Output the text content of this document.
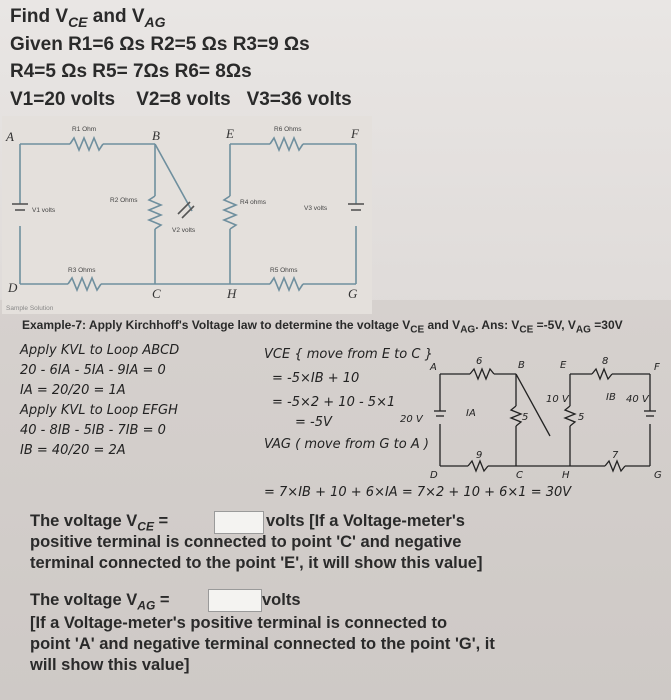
Find $V_{CE}$ and $V_{AG}$
Given R1=6 Ωs R2=5 Ωs R3=9 Ωs
R4=5 Ωs R5= 7Ωs R6= 8Ωs
V1=20 volts    V2=8 volts   V3=36 volts
A	B	E	F
D	C	H	G
R1 Ohm
R2 Ohms
R3 Ohms
R4 ohms
R5 Ohms
R6 Ohms
V1 volts
V2 volts
V3 volts
Sample Solution
Example-7: Apply Kirchhoff's Voltage law to determine the voltage $V_{CE}$ and $V_{AG}$. Ans: $V_{CE} =-5V$, $V_{AG} =30V$
Apply KVL to Loop ABCD
20 - 6IA - 5IA - 9IA = 0
IA = 20/20 = 1A
Apply KVL to Loop EFGH
40 - 8IB - 5IB - 7IB = 0
IB = 40/20 = 2A
VCE { move from E to C }
= -5×IB + 10
= -5×2 + 10 - 5×1
= -5V
VAG ( move from G to A )
= 7×IB + 10 + 6×IA = 7×2 + 10 + 6×1 = 30V
6	8
5
9	7
5
20 V
10 V	40 V
IA
IB
A	B	E	F
D	C	H	G
The voltage $V_{CE}$ =	volts [If a Voltage-meter's
positive terminal is connected to point 'C' and negative
terminal connected to the point 'E', it will show this value]
The voltage $V_{AG}$ =	volts
[If a Voltage-meter's positive terminal is connected to
point 'A' and negative terminal connected to the point 'G', it
will show this value]
